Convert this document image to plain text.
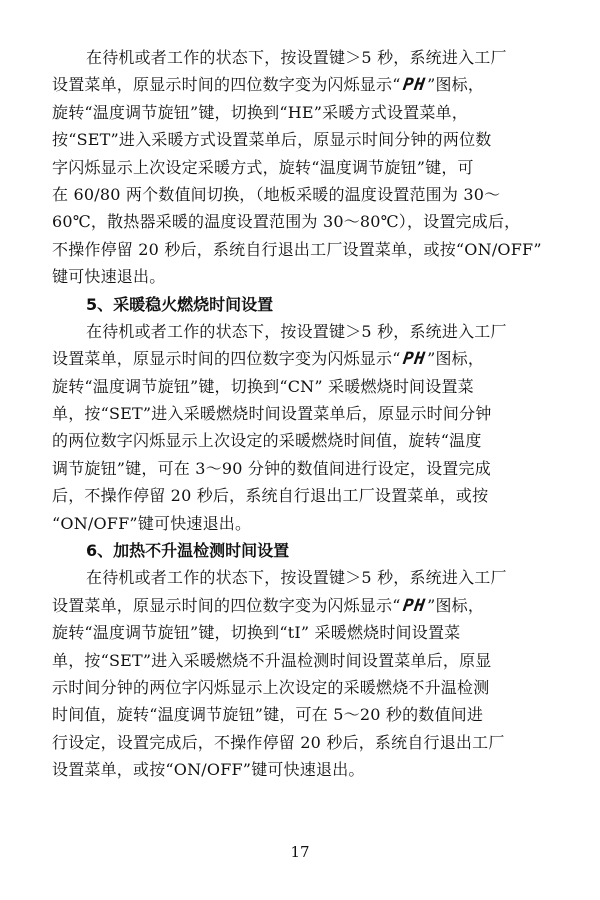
在待机或者工作的状态下，按设置键＞5 秒，系统进入工厂
设置菜单，原显示时间的四位数字变为闪烁显示“PH”图标，
旋转“温度调节旋钮”键，切换到“HE”采暖方式设置菜单，
按“SET”进入采暖方式设置菜单后，原显示时间分钟的两位数
字闪烁显示上次设定采暖方式，旋转“温度调节旋钮”键，可
在 60/80 两个数值间切换，（地板采暖的温度设置范围为 30～
60℃，散热器采暖的温度设置范围为 30～80℃），设置完成后，
不操作停留 20 秒后，系统自行退出工厂设置菜单，或按“ON/OFF”
键可快速退出。
5、采暖稳火燃烧时间设置
在待机或者工作的状态下，按设置键＞5 秒，系统进入工厂
设置菜单，原显示时间的四位数字变为闪烁显示“PH”图标，
旋转“温度调节旋钮”键，切换到“CN” 采暖燃烧时间设置菜
单，按“SET”进入采暖燃烧时间设置菜单后，原显示时间分钟
的两位数字闪烁显示上次设定的采暖燃烧时间值，旋转“温度
调节旋钮”键，可在 3～90 分钟的数值间进行设定，设置完成
后，不操作停留 20 秒后，系统自行退出工厂设置菜单，或按
“ON/OFF”键可快速退出。
6、加热不升温检测时间设置
在待机或者工作的状态下，按设置键＞5 秒，系统进入工厂
设置菜单，原显示时间的四位数字变为闪烁显示“PH”图标，
旋转“温度调节旋钮”键，切换到“tI” 采暖燃烧时间设置菜
单，按“SET”进入采暖燃烧不升温检测时间设置菜单后，原显
示时间分钟的两位字闪烁显示上次设定的采暖燃烧不升温检测
时间值，旋转“温度调节旋钮”键，可在 5～20 秒的数值间进
行设定，设置完成后，不操作停留 20 秒后，系统自行退出工厂
设置菜单，或按“ON/OFF”键可快速退出。
17
